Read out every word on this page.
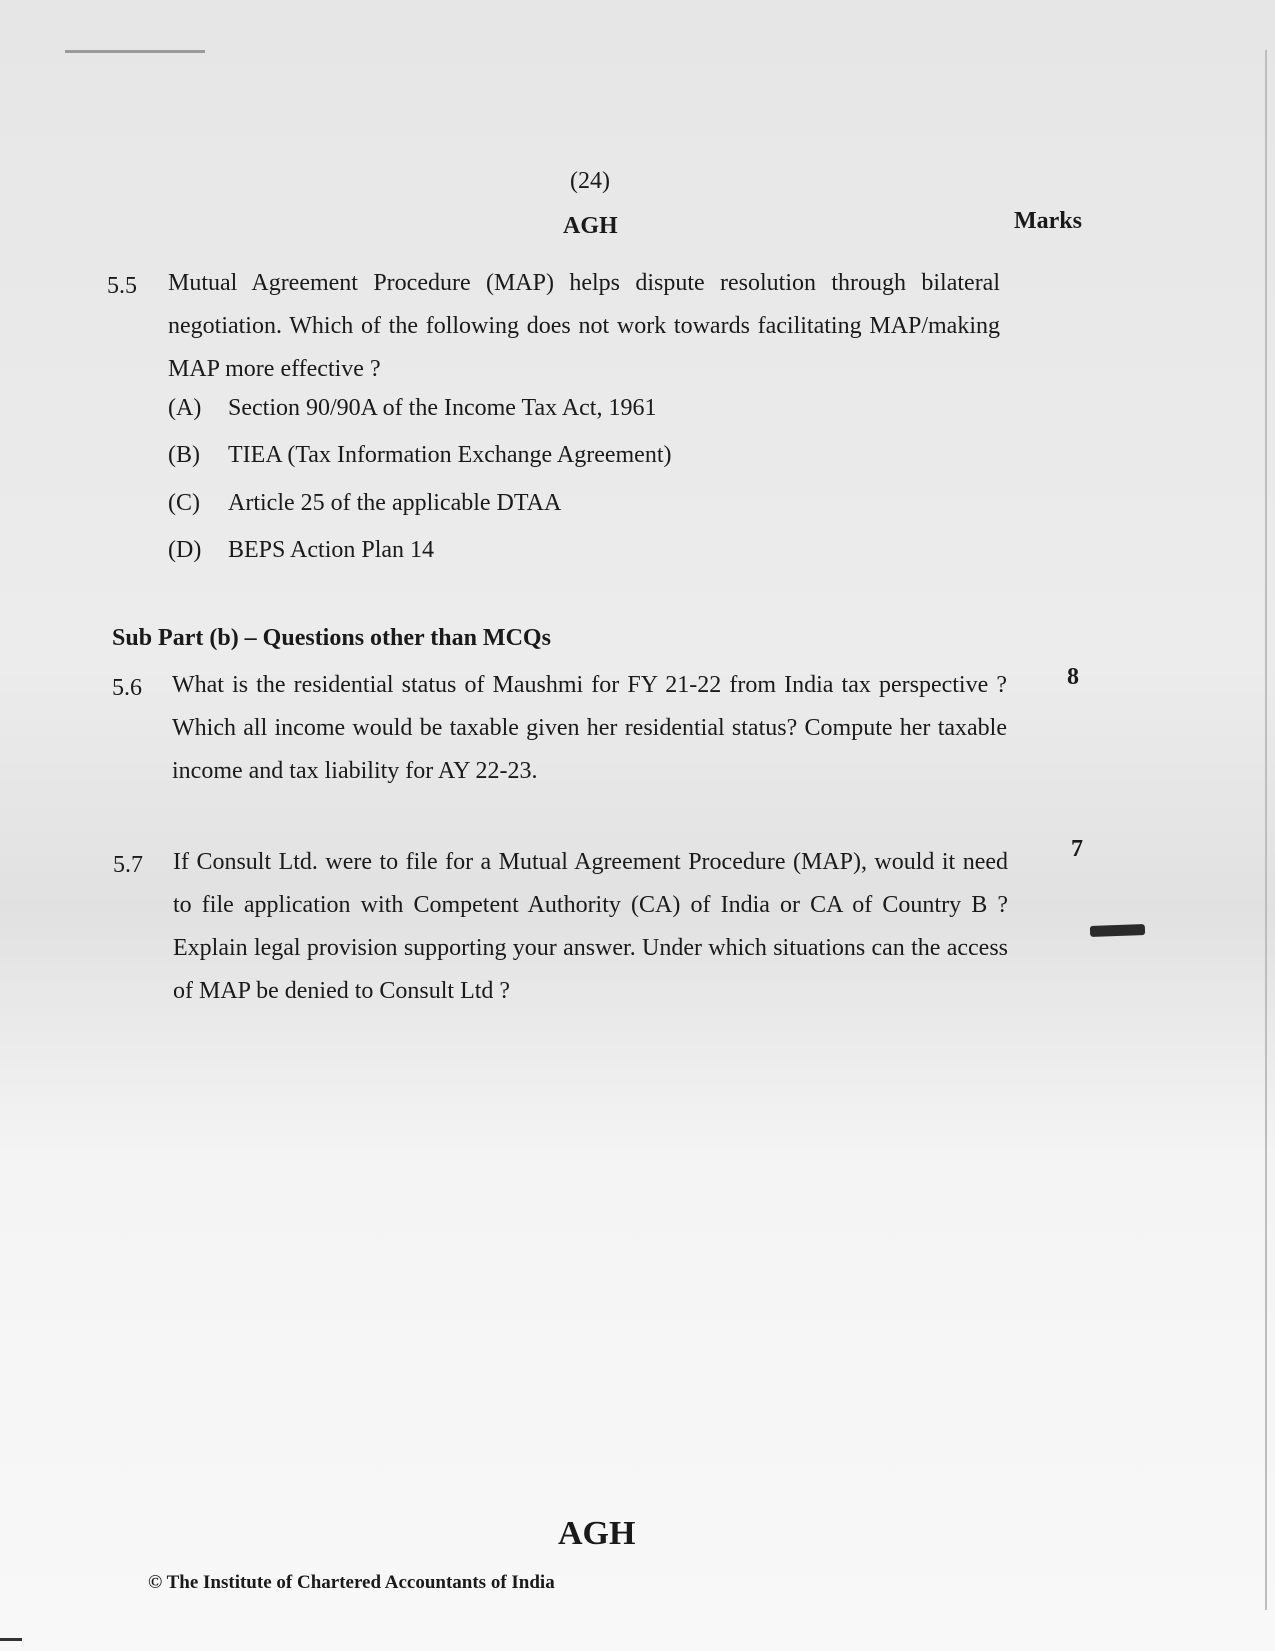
(24)
AGH	Marks
5.5 Mutual Agreement Procedure (MAP) helps dispute resolution through bilateral negotiation. Which of the following does not work towards facilitating MAP/making MAP more effective ?
(A) Section 90/90A of the Income Tax Act, 1961
(B) TIEA (Tax Information Exchange Agreement)
(C) Article 25 of the applicable DTAA
(D) BEPS Action Plan 14
Sub Part (b) – Questions other than MCQs
5.6 What is the residential status of Maushmi for FY 21-22 from India tax perspective ? Which all income would be taxable given her residential status? Compute her taxable income and tax liability for AY 22-23.
8
5.7 If Consult Ltd. were to file for a Mutual Agreement Procedure (MAP), would it need to file application with Competent Authority (CA) of India or CA of Country B ? Explain legal provision supporting your answer. Under which situations can the access of MAP be denied to Consult Ltd ?
7
AGH
© The Institute of Chartered Accountants of India
